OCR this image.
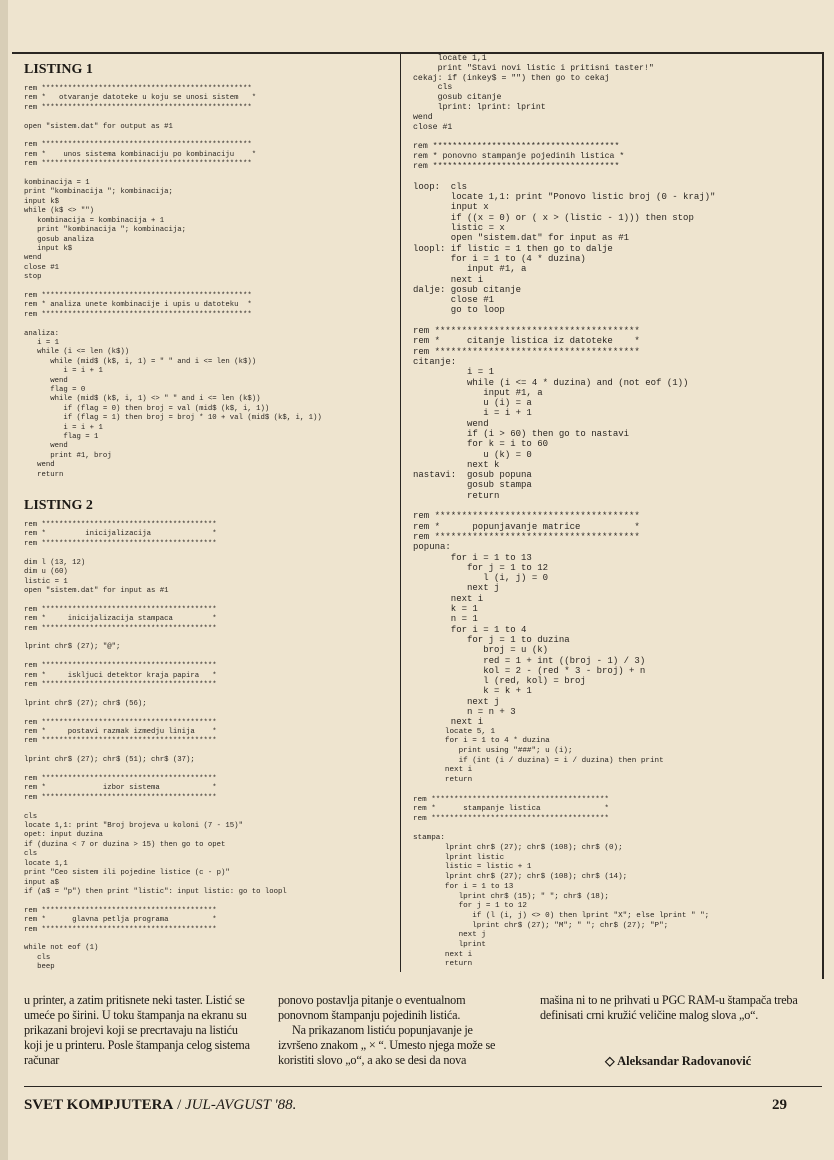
LISTING 1
rem ************************************************
rem *   otvaranje datoteke u koju se unosi sistem   *
rem ************************************************

open "sistem.dat" for output as #1

rem ************************************************
rem *    unos sistema kombinaciju po kombinaciju    *
rem ************************************************

kombinacija = 1
print "kombinacija "; kombinacija;
input k$
while (k$ <> "")
kombinacija = kombinacija + 1
print "kombinacija "; kombinacija;
gosub analiza
input k$
wend
close #1
stop

rem ************************************************
rem * analiza unete kombinacije i upis u datoteku  *
rem ************************************************

analiza:
i = 1
while (i <= len (k$))
while (mid$ (k$, i, 1) = " " and i <= len (k$))
i = i + 1
wend
flag = 0
while (mid$ (k$, i, 1) <> " " and i <= len (k$))
if (flag = 0) then broj = val (mid$ (k$, i, 1))
if (flag = 1) then broj = broj * 10 + val (mid$ (k$, i, 1))
i = i + 1
flag = 1
wend
print #1, broj
wend
return
LISTING 2
rem ****************************************
rem *         inicijalizacija              *
rem ****************************************

dim l (13, 12)
dim u (60)
listic = 1
open "sistem.dat" for input as #1

rem ****************************************
rem *     inicijalizacija stampaca         *
rem ****************************************

lprint chr$ (27); "@";

rem ****************************************
rem *     iskljuci detektor kraja papira   *
rem ****************************************

lprint chr$ (27); chr$ (56);

rem ****************************************
rem *     postavi razmak izmedju linija    *
rem ****************************************

lprint chr$ (27); chr$ (51); chr$ (37);

rem ****************************************
rem *             izbor sistema            *
rem ****************************************

cls
locate 1,1: print "Broj brojeva u koloni (7 - 15)"
opet: input duzina
if (duzina < 7 or duzina > 15) then go to opet
cls
locate 1,1
print "Ceo sistem ili pojedine listice (c - p)"
input a$
if (a$ = "p") then print "listic": input listic: go to loopl

rem ****************************************
rem *      glavna petlja programa          *
rem ****************************************

while not eof (1)
cls
beep
locate 1,1
print "Stavi novi listic i pritisni taster!"
cekaj: if (inkey$ = "") then go to cekaj
cls
gosub citanje
lprint: lprint: lprint
wend
close #1

rem **************************************
rem * ponovno stampanje pojedinih listica *
rem **************************************

loop:  cls
locate 1,1: print "Ponovo listic broj (0 - kraj)"
input x
if ((x = 0) or ( x > (listic - 1))) then stop
listic = x
open "sistem.dat" for input as #1
loopl: if listic = 1 then go to dalje
for i = 1 to (4 * duzina)
input #1, a
next i
dalje: gosub citanje
close #1
go to loop

rem **************************************
rem *     citanje listica iz datoteke    *
rem **************************************
citanje:
i = 1
while (i <= 4 * duzina) and (not eof (1))
input #1, a
u (i) = a
i = i + 1
wend
if (i > 60) then go to nastavi
for k = i to 60
u (k) = 0
next k
nastavi:  gosub popuna
gosub stampa
return

rem **************************************
rem *      popunjavanje matrice          *
rem **************************************
popuna:
for i = 1 to 13
for j = 1 to 12
l (i, j) = 0
next j
next i
k = 1
n = 1
for i = 1 to 4
for j = 1 to duzina
broj = u (k)
red = 1 + int ((broj - 1) / 3)
kol = 2 - (red * 3 - broj) + n
l (red, kol) = broj
k = k + 1
next j
n = n + 3
next i
locate 5, 1
for i = 1 to 4 * duzina
print using "###"; u (i);
if (int (i / duzina) = i / duzina) then print
next i
return

rem ***************************************
rem *      stampanje listica              *
rem ***************************************

stampa:
lprint chr$ (27); chr$ (108); chr$ (0);
lprint listic
listic = listic + 1
lprint chr$ (27); chr$ (108); chr$ (14);
for i = 1 to 13
lprint chr$ (15); " "; chr$ (18);
for j = 1 to 12
if (l (i, j) <> 0) then lprint "X"; else lprint " ";
lprint chr$ (27); "M"; " "; chr$ (27); "P";
next j
lprint
next i
return

u printer, a zatim pritisnete neki taster. Listić se umeće po širini. U toku štampanja na ekranu su prikazani brojevi koji se precrtavaju na listiću koji je u printeru. Posle štampanja celog sistema računar

ponovo postavlja pitanje o eventualnom ponovnom štampanju pojedinih listića.

Na prikazanom listiću popunjavanje je izvršeno znakom „ × “. Umesto njega može se koristiti slovo „o“, a ako se desi da nova

mašina ni to ne prihvati u PGC RAM-u štampača treba definisati crni kružić veličine malog slova „o“.

◇ Aleksandar Radovanović
SVET KOMPJUTERA / JUL-AVGUST '88.	29
